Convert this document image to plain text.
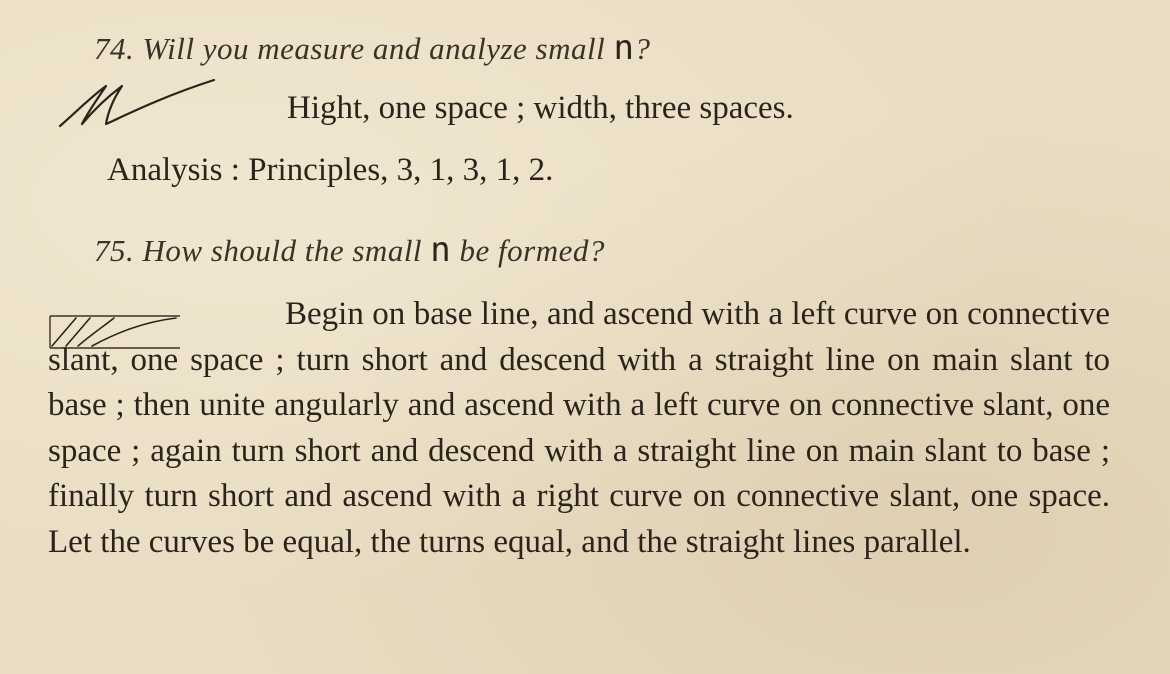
74. Will you measure and analyze small n?
Hight, one space ; width, three spaces.
Analysis : Principles, 3, 1, 3, 1, 2.
75. How should the small n be formed?
Begin on base line, and ascend with a left curve on connective slant, one space ; turn short and descend with a straight line on main slant to base ; then unite angularly and ascend with a left curve on connective slant, one space ; again turn short and descend with a straight line on main slant to base ; finally turn short and ascend with a right curve on connective slant, one space. Let the curves be equal, the turns equal, and the straight lines parallel.
